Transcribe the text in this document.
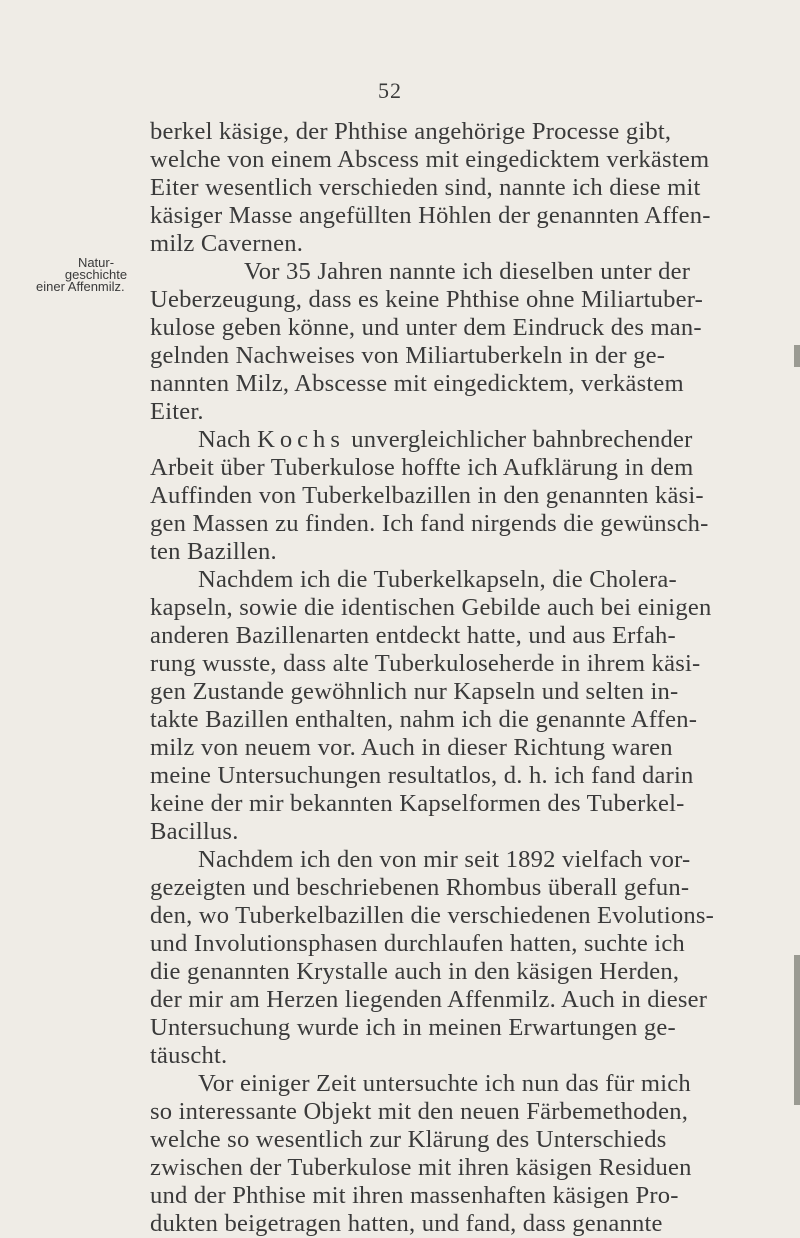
52
Natur-
geschichte
einer Affenmilz.
berkel käsige, der Phthise angehörige Processe gibt,
welche von einem Abscess mit eingedicktem verkästem
Eiter wesentlich verschieden sind, nannte ich diese mit
käsiger Masse angefüllten Höhlen der genannten Affen-
milz Cavernen.
Vor 35 Jahren nannte ich dieselben unter der
Ueberzeugung, dass es keine Phthise ohne Miliartuber-
kulose geben könne, und unter dem Eindruck des man-
gelnden Nachweises von Miliartuberkeln in der ge-
nannten Milz, Abscesse mit eingedicktem, verkästem
Eiter.
Nach Kochs unvergleichlicher bahnbrechender
Arbeit über Tuberkulose hoffte ich Aufklärung in dem
Auffinden von Tuberkelbazillen in den genannten käsi-
gen Massen zu finden. Ich fand nirgends die gewünsch-
ten Bazillen.
Nachdem ich die Tuberkelkapseln, die Cholera-
kapseln, sowie die identischen Gebilde auch bei einigen
anderen Bazillenarten entdeckt hatte, und aus Erfah-
rung wusste, dass alte Tuberkuloseherde in ihrem käsi-
gen Zustande gewöhnlich nur Kapseln und selten in-
takte Bazillen enthalten, nahm ich die genannte Affen-
milz von neuem vor. Auch in dieser Richtung waren
meine Untersuchungen resultatlos, d. h. ich fand darin
keine der mir bekannten Kapselformen des Tuberkel-
Bacillus.
Nachdem ich den von mir seit 1892 vielfach vor-
gezeigten und beschriebenen Rhombus überall gefun-
den, wo Tuberkelbazillen die verschiedenen Evolutions-
und Involutionsphasen durchlaufen hatten, suchte ich
die genannten Krystalle auch in den käsigen Herden,
der mir am Herzen liegenden Affenmilz. Auch in dieser
Untersuchung wurde ich in meinen Erwartungen ge-
täuscht.
Vor einiger Zeit untersuchte ich nun das für mich
so interessante Objekt mit den neuen Färbemethoden,
welche so wesentlich zur Klärung des Unterschieds
zwischen der Tuberkulose mit ihren käsigen Residuen
und der Phthise mit ihren massenhaften käsigen Pro-
dukten beigetragen hatten, und fand, dass genannte
